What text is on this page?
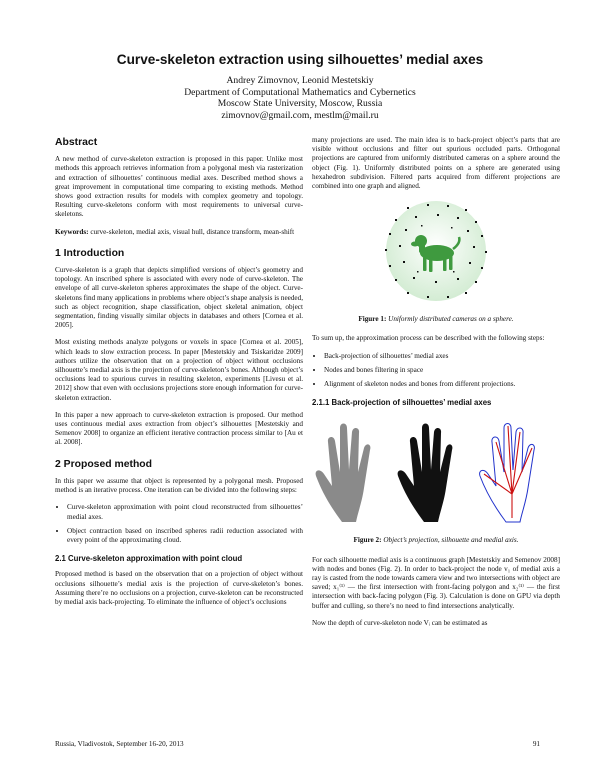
Curve-skeleton extraction using silhouettes’ medial axes
Andrey Zimovnov, Leonid Mestetskiy
Department of Computational Mathematics and Cybernetics
Moscow State University, Moscow, Russia
zimovnov@gmail.com, mestlm@mail.ru
Abstract

A new method of curve-skeleton extraction is proposed in this paper. Unlike most methods this approach retrieves information from a polygonal mesh via rasterization and extraction of silhouettes’ continuous medial axes. Described method shows a great improvement in computational time comparing to existing methods. Method shows good extraction results for models with complex geometry and topology. Resulting curve-skeletons conform with most requirements to universal curve-skeletons.

Keywords: curve-skeleton, medial axis, visual hull, distance transform, mean-shift

1 Introduction

Curve-skeleton is a graph that depicts simplified versions of object’s geometry and topology. An inscribed sphere is associated with every node of curve-skeleton. The envelope of all curve-skeleton spheres approximates the shape of the object. Curve-skeletons find many applications in problems where object’s shape analysis is needed, such as object recognition, shape classification, object skeletal animation, object segmentation, finding visually similar objects in databases and others [Cornea et al. 2005].

Most existing methods analyze polygons or voxels in space [Cornea et al. 2005], which leads to slow extraction process. In paper [Mestetskiy and Tsiskaridze 2009] authors utilize the observation that on a projection of object without occlusions silhouette’s medial axis is the projection of curve-skeleton’s bones. Although object’s occlusions lead to spurious curves in resulting skeleton, experiments [Livesu et al. 2012] show that even with occlusions projections store enough information for curve-skeleton extraction.

In this paper a new approach to curve-skeleton extraction is proposed. Our method uses continuous medial axes extraction from object’s silhouettes [Mestetskiy and Semenov 2008] to organize an efficient iterative contraction process similar to [Au et al. 2008].

2 Proposed method

In this paper we assume that object is represented by a polygonal mesh. Proposed method is an iterative process. One iteration can be divided into the following steps:

• Curve-skeleton approximation with point cloud reconstructed from silhouettes’ medial axes.
• Object contraction based on inscribed spheres radii reduction associated with every point of the approximating cloud.
2.1 Curve-skeleton approximation with point cloud

Proposed method is based on the observation that on a projection of object without occlusions silhouette’s medial axis is the projection of curve-skeleton’s bones. Assuming there’re no occlusions on a projection, curve-skeleton can be reconstructed by medial axis back-projecting. To eliminate the influence of object’s occlusions

many projections are used. The main idea is to back-project object’s parts that are visible without occlusions and filter out spurious occluded parts. Orthogonal projections are captured from uniformly distributed cameras on a sphere around the object (Fig. 1). Uniformly distributed points on a sphere are generated using hexahedron subdivision. Filtered parts acquired from different projections are combined into one graph and aligned.

Figure 1: Uniformly distributed cameras on a sphere.

To sum up, the approximation process can be described with the following steps:

• Back-projection of silhouettes’ medial axes
• Nodes and bones filtering in space
• Alignment of skeleton nodes and bones from different projections.
2.1.1 Back-projection of silhouettes’ medial axes

Figure 2: Object’s projection, silhouette and medial axis.

For each silhouette medial axis is a continuous graph [Mestetskiy and Semenov 2008] with nodes and bones (Fig. 2). In order to back-project the node v₁ of medial axis a ray is casted from the node towards camera view and two intersections with object are saved; x₁⁽¹⁾ — the first intersection with front-facing polygon and x₂⁽¹⁾ — the first intersection with back-facing polygon (Fig. 3). Calculation is done on GPU via depth buffer and culling, so there’s no need to find intersections analytically.

Now the depth of curve-skeleton node Vᵢ can be estimated as

Russia, Vladivostok, September 16-20, 2013	91
